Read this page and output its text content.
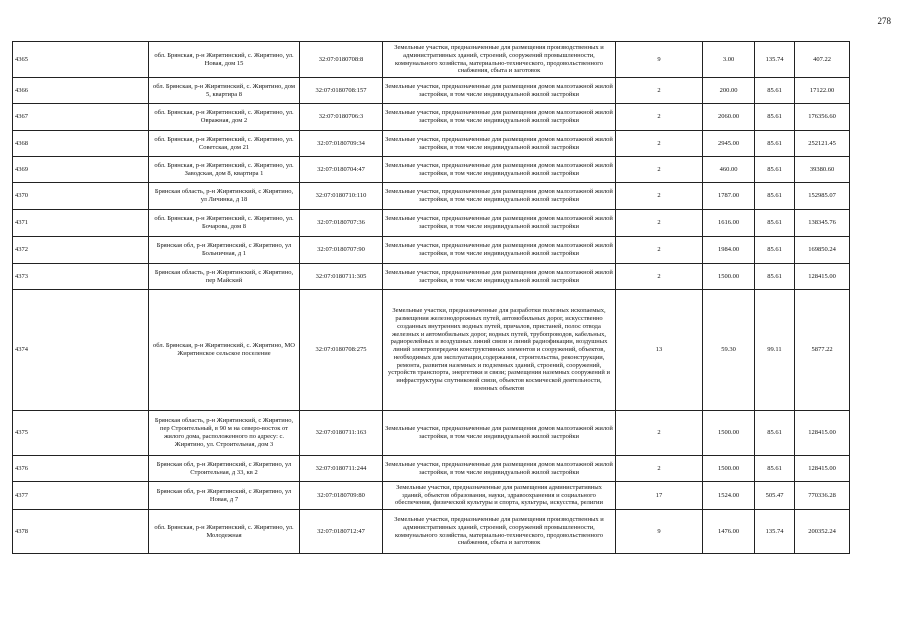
278
4365	обл. Брянская, р-н Жирятинский, с. Жирятино, ул. Новая, дом 15	32:07:0180708:8	Земельные участки, предназначенные для размещения производственных и административных зданий, строений, сооружений промышленности, коммунального хозяйства, материально-технического, продовольственного снабжения, сбыта и заготовок	9	3.00	135.74	407.22
4366	обл. Брянская, р-н Жирятинский, с. Жирятино, дом 5, квартира 8	32:07:0180708:157	Земельные участки, предназначенные для размещения домов малоэтажной жилой застройки, в том числе индивидуальной жилой застройки	2	200.00	85.61	17122.00
4367	обл. Брянская, р-н Жирятинский, с. Жирятино, ул. Овражная, дом 2	32:07:0180706:3	Земельные участки, предназначенные для размещения домов малоэтажной жилой застройки, в том числе индивидуальной жилой застройки	2	2060.00	85.61	176356.60
4368	обл. Брянская, р-н Жирятинский, с. Жирятино, ул. Советская, дом 21	32:07:0180709:34	Земельные участки, предназначенные для размещения домов малоэтажной жилой застройки, в том числе индивидуальной жилой застройки	2	2945.00	85.61	252121.45
4369	обл. Брянская, р-н Жирятинский, с. Жирятино, ул. Заводская, дом 8, квартира 1	32:07:0180704:47	Земельные участки, предназначенные для размещения домов малоэтажной жилой застройки, в том числе индивидуальной жилой застройки	2	460.00	85.61	39380.60
4370	Брянская область, р-н Жирятинский, с Жирятино, ул Личинка, д 18	32:07:0180710:110	Земельные участки, предназначенные для размещения домов малоэтажной жилой застройки, в том числе индивидуальной жилой застройки	2	1787.00	85.61	152985.07
4371	обл. Брянская, р-н Жирятинский, с. Жирятино, ул. Бочарова, дом 8	32:07:0180707:36	Земельные участки, предназначенные для размещения домов малоэтажной жилой застройки, в том числе индивидуальной жилой застройки	2	1616.00	85.61	138345.76
4372	Брянская обл, р-н Жирятинский, с Жирятино, ул Больничная, д 1	32:07:0180707:90	Земельные участки, предназначенные для размещения домов малоэтажной жилой застройки, в том числе индивидуальной жилой застройки	2	1984.00	85.61	169850.24
4373	Брянская область, р-н Жирятинский, с Жирятино, пер Майский	32:07:0180711:305	Земельные участки, предназначенные для размещения домов малоэтажной жилой застройки, в том числе индивидуальной жилой застройки	2	1500.00	85.61	128415.00
4374	обл. Брянская, р-н Жирятинский, с. Жирятино, МО Жирятинское сельское поселение	32:07:0180708:275	Земельные участки, предназначенные для разработки полезных ископаемых, размещения железнодорожных путей, автомобильных дорог, искусственно созданных внутренних водных путей, причалов, пристаней, полос отвода железных и автомобильных дорог, водных путей, трубопроводов, кабельных, радиорелейных и воздушных линий связи и линий радиофикации, воздушных линий электропередачи конструктивных элементов и сооружений, объектов, необходимых для эксплуатации,содержания, строительства, реконструкции, ремонта, развития наземных и подземных зданий, строений, сооружений, устройств транспорта, энергетики и связи; размещения наземных сооружений и инфраструктуры спутниковой связи, объектов космической деятельности, военных объектов	13	59.30	99.11	5877.22
4375	Брянская область, р-н Жирятинский, с Жирятино, пер Строительный, в 90 м на северо-восток от жилого дома, расположенного по адресу: с. Жирятино, ул. Строительная, дом 3	32:07:0180711:163	Земельные участки, предназначенные для размещения домов малоэтажной жилой застройки, в том числе индивидуальной жилой застройки	2	1500.00	85.61	128415.00
4376	Брянская обл, р-н Жирятинский, с Жирятино, ул Строительная, д 33, кв 2	32:07:0180711:244	Земельные участки, предназначенные для размещения домов малоэтажной жилой застройки, в том числе индивидуальной жилой застройки	2	1500.00	85.61	128415.00
4377	Брянская обл, р-н Жирятинский, с Жирятино, ул Новая, д 7	32:07:0180709:80	Земельные участки, предназначенные для размещения административных зданий, объектов образования, науки, здравоохранения и социального обеспечения, физической культуры и спорта, культуры, искусства, религии	17	1524.00	505.47	770336.28
4378	обл. Брянская, р-н Жирятинский, с. Жирятино, ул. Молодежная	32:07:0180712:47	Земельные участки, предназначенные для размещения производственных и административных зданий, строений, сооружений промышленности, коммунального хозяйства, материально-технического, продовольственного снабжения, сбыта и заготовок	9	1476.00	135.74	200352.24
